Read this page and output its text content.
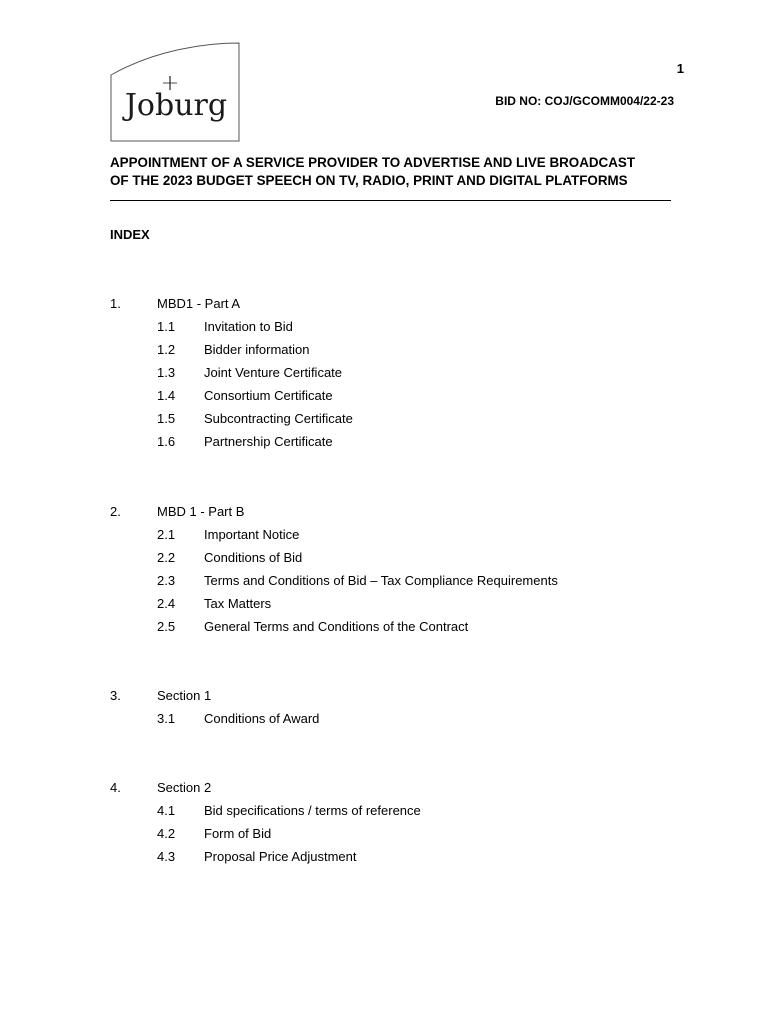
Joburg
1
BID NO: COJ/GCOMM004/22-23
APPOINTMENT OF A SERVICE PROVIDER TO ADVERTISE AND LIVE BROADCAST
OF THE 2023 BUDGET SPEECH ON TV, RADIO, PRINT AND DIGITAL PLATFORMS
INDEX
1.	MBD1 - Part A
1.1 Invitation to Bid
1.2 Bidder information
1.3 Joint Venture Certificate
1.4 Consortium Certificate
1.5 Subcontracting Certificate
1.6 Partnership Certificate
2.	MBD 1 - Part B
2.1 Important Notice
2.2 Conditions of Bid
2.3 Terms and Conditions of Bid – Tax Compliance Requirements
2.4 Tax Matters
2.5 General Terms and Conditions of the Contract
3.	Section 1
3.1 Conditions of Award
4.	Section 2
4.1 Bid specifications / terms of reference
4.2 Form of Bid
4.3 Proposal Price Adjustment
